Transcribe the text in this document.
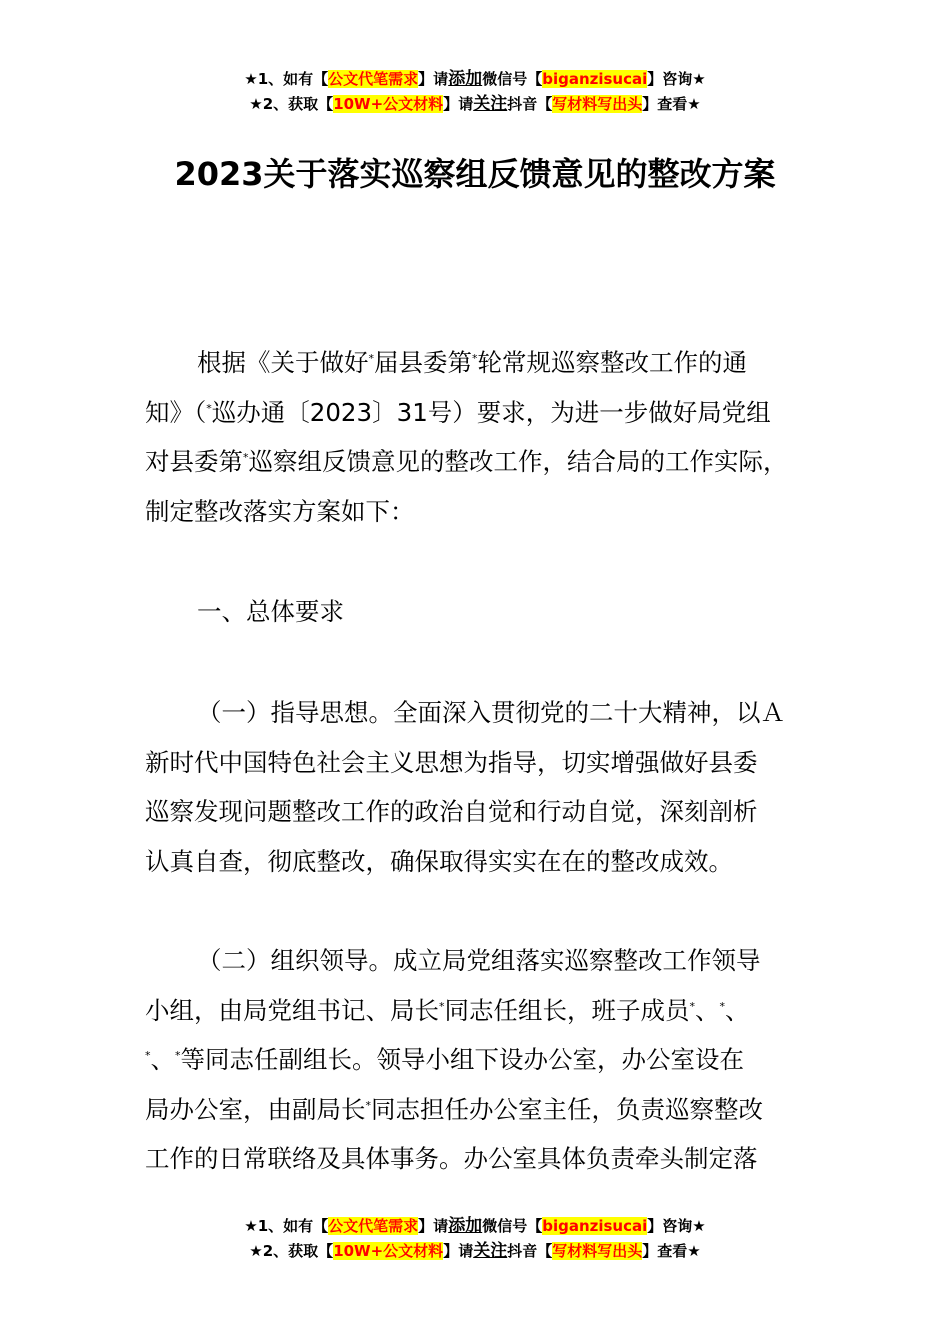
★1、如有【公文代笔需求】请添加微信号【biganzisucai】咨询★
★2、获取【10W+公文材料】请关注抖音【写材料写出头】查看★
2023关于落实巡察组反馈意见的整改方案
根据《关于做好*届县委第*轮常规巡察整改工作的通
知》（*巡办通〔2023〕31号）要求，为进一步做好局党组
对县委第*巡察组反馈意见的整改工作，结合局的工作实际，
制定整改落实方案如下：
一、总体要求
（一）指导思想。全面深入贯彻党的二十大精神，以Ａ
新时代中国特色社会主义思想为指导，切实增强做好县委
巡察发现问题整改工作的政治自觉和行动自觉，深刻剖析
认真自查，彻底整改，确保取得实实在在的整改成效。
（二）组织领导。成立局党组落实巡察整改工作领导
小组，由局党组书记、局长*同志任组长，班子成员*、*、
*、*等同志任副组长。领导小组下设办公室，办公室设在
局办公室，由副局长*同志担任办公室主任，负责巡察整改
工作的日常联络及具体事务。办公室具体负责牵头制定落
★1、如有【公文代笔需求】请添加微信号【biganzisucai】咨询★
★2、获取【10W+公文材料】请关注抖音【写材料写出头】查看★
